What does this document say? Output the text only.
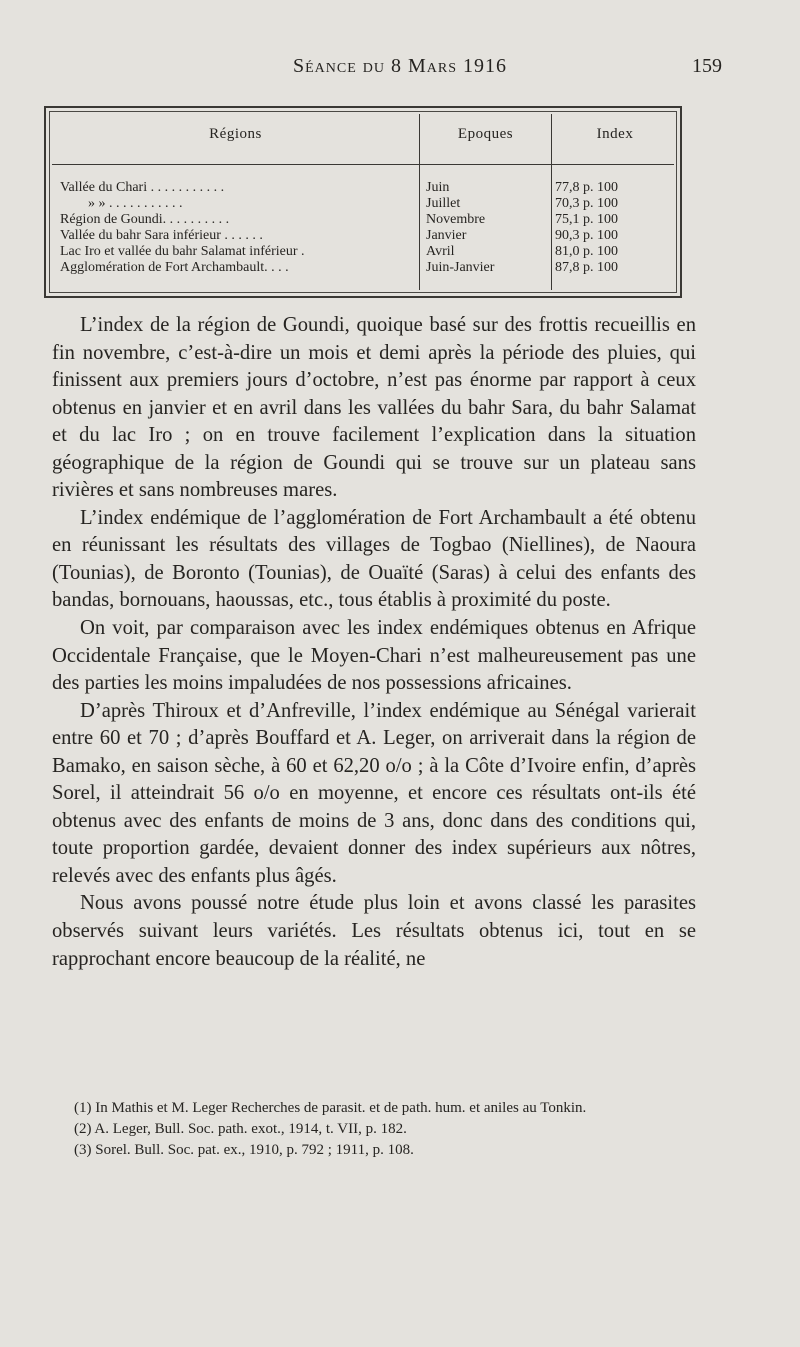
Séance du 8 Mars 1916	159
Régions	Epoques	Index
Vallée du Chari . . . . . . . . . . .	Juin	77,8 p. 100
» » . . . . . . . . . . .	Juillet	70,3 p. 100
Région de Goundi. . . . . . . . . .	Novembre	75,1 p. 100
Vallée du bahr Sara inférieur . . . . . .	Janvier	90,3 p. 100
Lac Iro et vallée du bahr Salamat inférieur .	Avril	81,0 p. 100
Agglomération de Fort Archambault. . . .	Juin-Janvier	87,8 p. 100

L’index de la région de Goundi, quoique basé sur des frottis recueillis en fin novembre, c’est-à-dire un mois et demi après la période des pluies, qui finissent aux premiers jours d’octobre, n’est pas énorme par rapport à ceux obtenus en janvier et en avril dans les vallées du bahr Sara, du bahr Salamat et du lac Iro ; on en trouve facilement l’explication dans la situation géographique de la région de Goundi qui se trouve sur un plateau sans rivières et sans nombreuses mares.

L’index endémique de l’agglomération de Fort Archambault a été obtenu en réunissant les résultats des villages de Togbao (Niellines), de Naoura (Tounias), de Boronto (Tounias), de Ouaïté (Saras) à celui des enfants des bandas, bornouans, haoussas, etc., tous établis à proximité du poste.

On voit, par comparaison avec les index endémiques obtenus en Afrique Occidentale Française, que le Moyen-Chari n’est malheureusement pas une des parties les moins impaludées de nos possessions africaines.

D’après Thiroux et d’Anfreville, l’index endémique au Sénégal varierait entre 60 et 70 ; d’après Bouffard et A. Leger, on arriverait dans la région de Bamako, en saison sèche, à 60 et 62,20 o/o ; à la Côte d’Ivoire enfin, d’après Sorel, il atteindrait 56 o/o en moyenne, et encore ces résultats ont-ils été obtenus avec des enfants de moins de 3 ans, donc dans des conditions qui, toute proportion gardée, devaient donner des index supérieurs aux nôtres, relevés avec des enfants plus âgés.

Nous avons poussé notre étude plus loin et avons classé les parasites observés suivant leurs variétés. Les résultats obtenus ici, tout en se rapprochant encore beaucoup de la réalité, ne

(1) In Mathis et M. Leger Recherches de parasit. et de path. hum. et aniles au Tonkin.

(2) A. Leger, Bull. Soc. path. exot., 1914, t. VII, p. 182.

(3) Sorel. Bull. Soc. pat. ex., 1910, p. 792 ; 1911, p. 108.
